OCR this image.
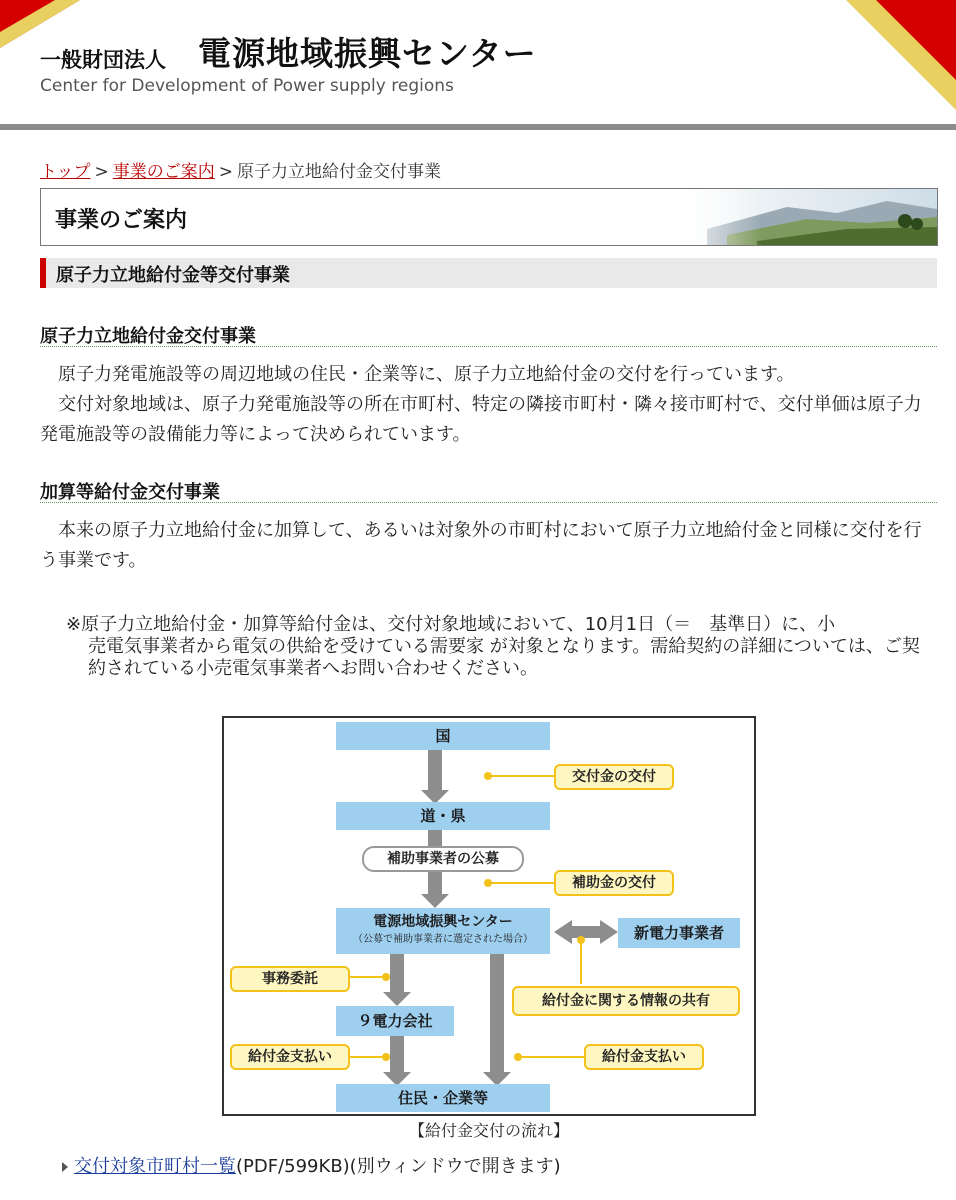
一般財団法人 電源地域振興センター
Center for Development of Power supply regions
トップ > 事業のご案内 > 原子力立地給付金交付事業
事業のご案内
原子力立地給付金等交付事業
原子力立地給付金交付事業
　原子力発電施設等の周辺地域の住民・企業等に、原子力立地給付金の交付を行っています。
　交付対象地域は、原子力発電施設等の所在市町村、特定の隣接市町村・隣々接市町村で、交付単価は原子力発電施設等の設備能力等によって決められています。
加算等給付金交付事業
　本来の原子力立地給付金に加算して、あるいは対象外の市町村において原子力立地給付金と同様に交付を行う事業です。
※原子力立地給付金・加算等給付金は、交付対象地域において、10月1日（＝　基準日）に、小
売電気事業者から電気の供給を受けている需要家 が対象となります。需給契約の詳細については、ご契約されている小売電気事業者へお問い合わせください。
国
道・県
補助事業者の公募
電源地域振興センター
（公募で補助事業者に選定された場合）	新電力事業者
９電力会社
住民・企業等
交付金の交付
補助金の交付
事務委託
給付金に関する情報の共有
給付金支払い	給付金支払い
【給付金交付の流れ】
交付対象市町村一覧(PDF/599KB)(別ウィンドウで開きます)
